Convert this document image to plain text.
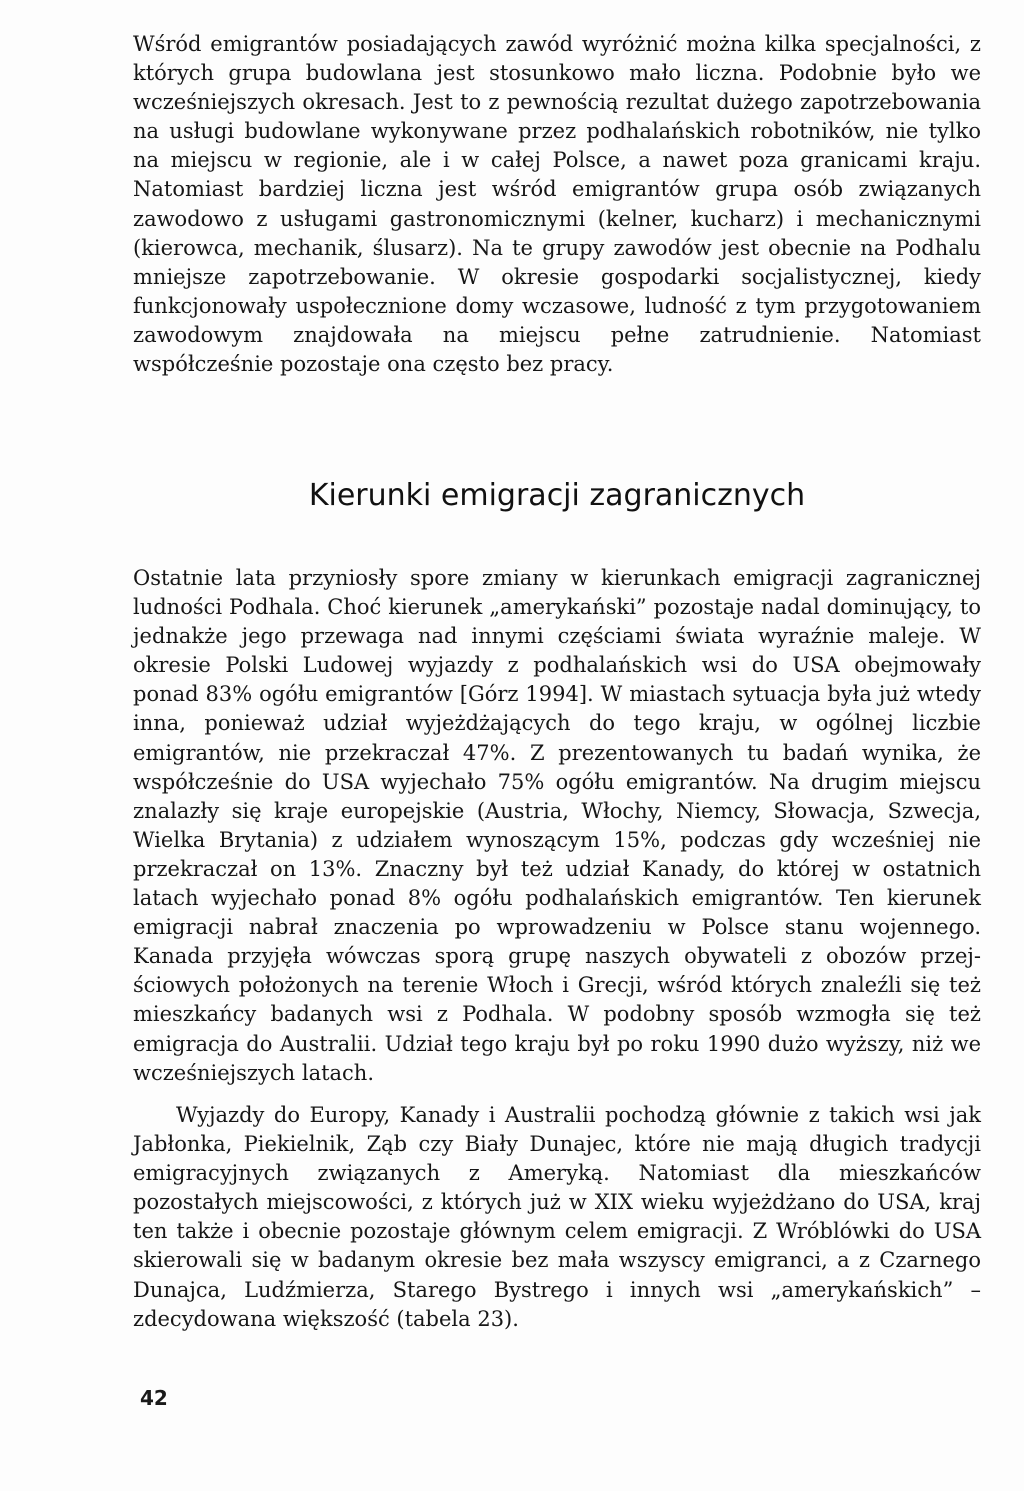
Wśród emigrantów posiadających zawód wyróżnić można kilka specjalności, z których grupa budowlana jest stosunkowo mało liczna. Podobnie było we wcześniejszych okresach. Jest to z pewnością rezultat dużego zapotrzebowania na usługi budowlane wykonywane przez podhalańskich robotników, nie tylko na miejscu w regionie, ale i w całej Polsce, a nawet poza granicami kraju. Natomiast bardziej liczna jest wśród emigrantów grupa osób związanych zawodowo z usługami gastronomicznymi (kelner, kucharz) i mechanicznymi (kierowca, mechanik, ślusarz). Na te grupy zawodów jest obecnie na Podhalu mniejsze zapotrzebowanie. W okresie gospodarki socjalistycznej, kiedy funkcjonowały uspołecznione domy wczasowe, ludność z tym przygotowaniem zawodowym znajdowała na miejscu pełne zatrudnienie. Natomiast współcześnie pozostaje ona często bez pracy.

Kierunki emigracji zagranicznych

Ostatnie lata przyniosły spore zmiany w kierunkach emigracji zagranicznej ludności Podhala. Choć kierunek „amerykański” pozostaje nadal dominujący, to jednakże jego przewaga nad innymi częściami świata wyraźnie maleje. W okresie Polski Ludowej wyjazdy z podhalańskich wsi do USA obejmowały ponad 83% ogółu emigrantów [Górz 1994]. W miastach sytuacja była już wtedy inna, ponieważ udział wyjeżdżających do tego kraju, w ogólnej liczbie emigrantów, nie przekraczał 47%. Z prezentowanych tu badań wynika, że współcześnie do USA wyjechało 75% ogółu emigrantów. Na drugim miejscu znalazły się kraje europejskie (Austria, Włochy, Niemcy, Słowacja, Szwecja, Wielka Brytania) z udziałem wynoszącym 15%, podczas gdy wcześniej nie przekraczał on 13%. Znaczny był też udział Kanady, do której w ostatnich latach wyjechało ponad 8% ogółu podhalańskich emigrantów. Ten kierunek emigracji nabrał znaczenia po wprowadzeniu w Polsce stanu wojennego. Kanada przyjęła wówczas sporą grupę naszych obywateli z obozów przejściowych położonych na terenie Włoch i Grecji, wśród których znaleźli się też mieszkańcy badanych wsi z Podhala. W podobny sposób wzmogła się też emigracja do Australii. Udział tego kraju był po roku 1990 dużo wyższy, niż we wcześniejszych latach.

Wyjazdy do Europy, Kanady i Australii pochodzą głównie z takich wsi jak Jabłonka, Piekielnik, Ząb czy Biały Dunajec, które nie mają długich tradycji emigracyjnych związanych z Ameryką. Natomiast dla mieszkańców pozostałych miejscowości, z których już w XIX wieku wyjeżdżano do USA, kraj ten także i obecnie pozostaje głównym celem emigracji. Z Wróblówki do USA skierowali się w badanym okresie bez mała wszyscy emigranci, a z Czarnego Dunajca, Ludźmierza, Starego Bystrego i innych wsi „amerykańskich” – zdecydowana większość (tabela 23).

42
